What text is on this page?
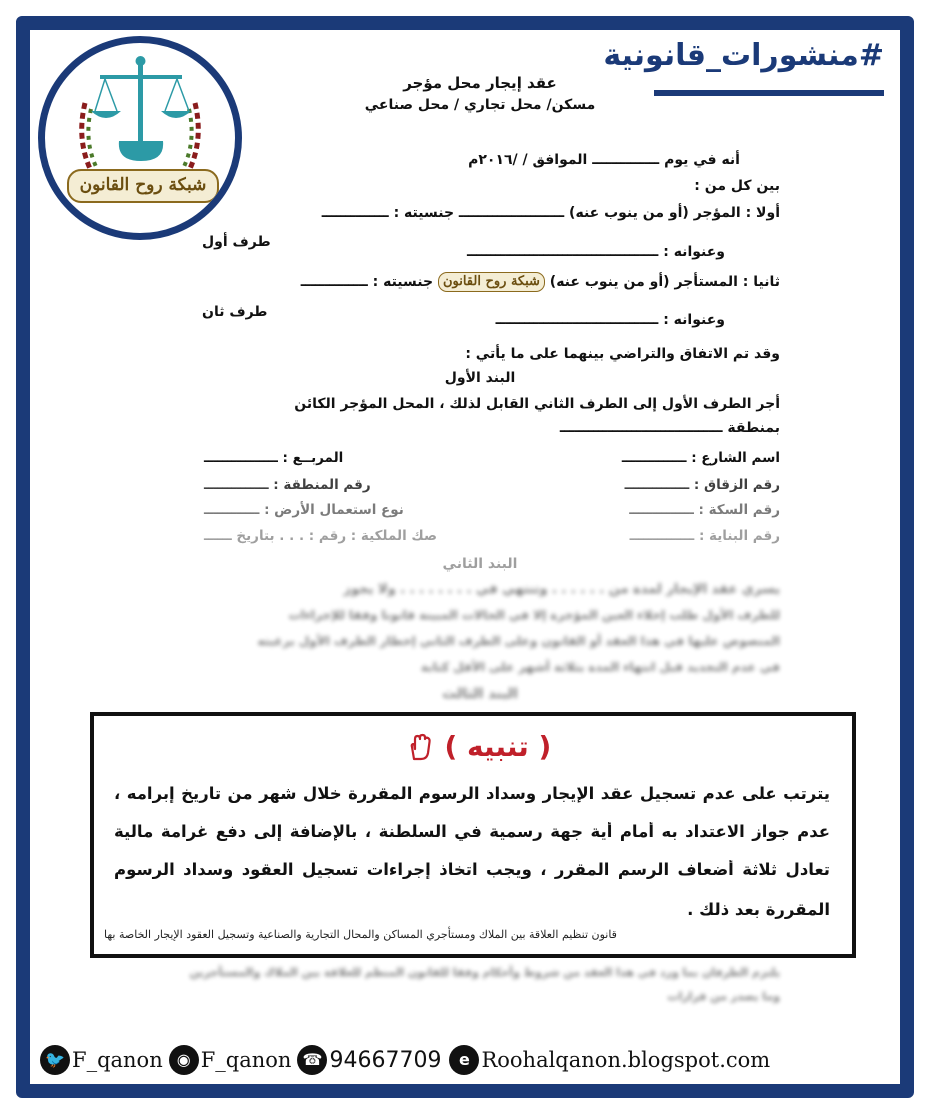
شبكة روح القانون
#منشورات_قانونية
عقد إيجار محل مؤجر
مسكن/ محل تجاري / محل صناعي
أنه في يوم ــــــــــــــ الموافق / /٢٠١٦م
بين كل من :
أولا : المؤجر (أو من ينوب عنه) ــــــــــــــــــــــ جنسيته : ــــــــــــــ
طرف أول
وعنوانه : ــــــــــــــــــــــــــــــــــــــــ
ثانيا : المستأجر (أو من ينوب عنه) شبكة روح القانون جنسيته : ــــــــــــــ
طرف ثان	وعنوانه : ــــــــــــــــــــــــــــــــــ
وقد تم الاتفاق والتراضي بينهما على ما يأتي :
البند الأول
أجر الطرف الأول إلى الطرف الثاني القابل لذلك ، المحل المؤجر الكائن
بمنطقة ــــــــــــــــــــــــــــــــــ
اسم الشارع : ــــــــــــــ
المربــع : ــــــــــــــــ
رقم الزقاق : ــــــــــــــ
رقم المنطقة : ــــــــــــــ
رقم السكة : ــــــــــــــ
نوع استعمال الأرض : ــــــــــــ
رقم البناية : ــــــــــــــ
صك الملكية : رقم : . . . بتاريخ ــــــ
البند الثاني
يسري عقد الإيجار لمدة من . . . . . . وتنتهي في . . . . . . . . ولا يجوز
للطرف الأول طلب إخلاء العين المؤجرة إلا في الحالات المبينة قانونا وفقا للإجراءات
المنصوص عليها في هذا العقد أو القانون وعلى الطرف الثاني إخطار الطرف الأول برغبته
في عدم التجديد قبل انتهاء المدة بثلاثة أشهر على الأقل كتابة
البند الثالث
( تنبيه )
يترتب على عدم تسجيل عقد الإيجار وسداد الرسوم المقررة خلال شهر من تاريخ إبرامه ،
عدم جواز الاعتداد به أمام أية جهة رسمية في السلطنة ، بالإضافة إلى دفع غرامة مالية
تعادل ثلاثة أضعاف الرسم المقرر ، ويجب اتخاذ إجراءات تسجيل العقود وسداد الرسوم
المقررة بعد ذلك .
قانون تنظيم العلاقة بين الملاك ومستأجري المساكن والمحال التجارية والصناعية وتسجيل العقود الإيجار الخاصة بها
يلتزم الطرفان بما ورد في هذا العقد من شروط وأحكام وفقا للقانون المنظم للعلاقة بين الملاك والمستأجرين
وما يصدر من قرارات
🐦 F_qanon ◉ F_qanon ☎ 94667709	e Roohalqanon.blogspot.com
